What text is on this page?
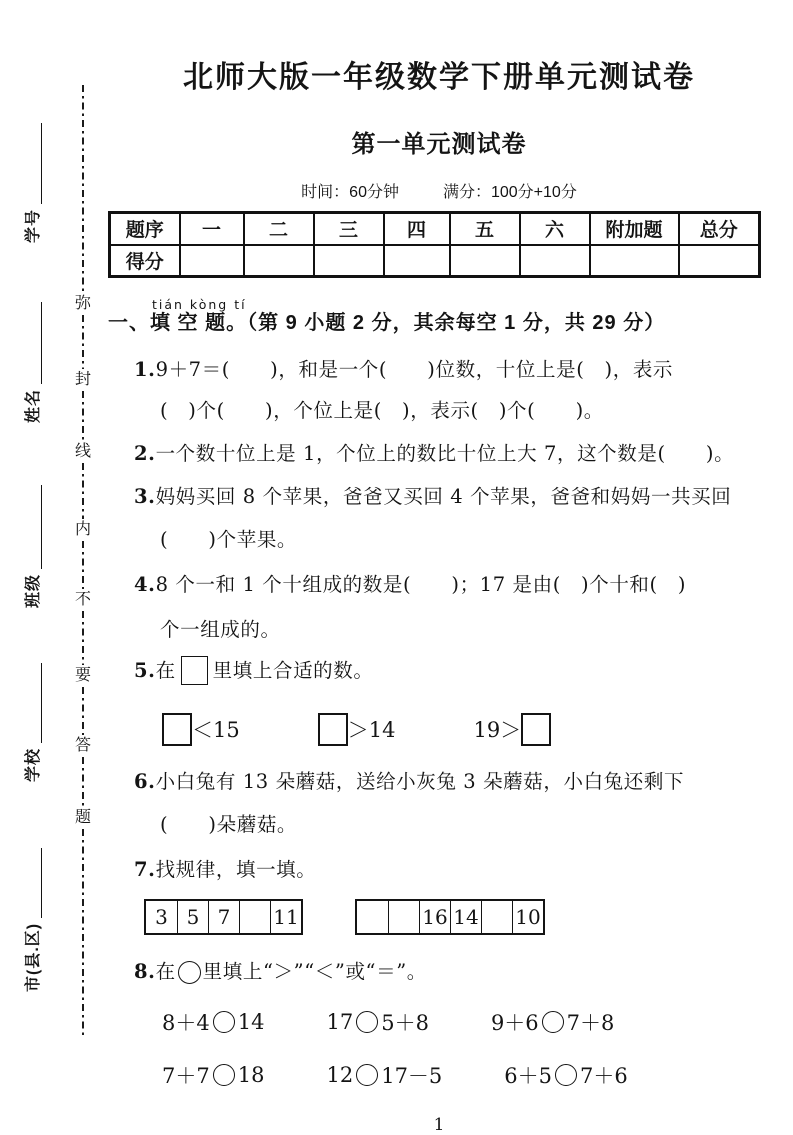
学号
姓名
班级
学校
市(县.区)
弥
封
线
内
不
要
答
题
北师大版一年级数学下册单元测试卷
第一单元测试卷
时间：60分钟	满分：100分+10分
题序	一	二	三	四	五	六	附加题	总分
得分								
一、
tián kòng tí
填 空 题。（第 9 小题 2 分，其余每空 1 分，共 29 分）

1.9＋7＝(　　)，和是一个(　　)位数，十位上是(　)，表示

(　)个(　　)，个位上是(　)，表示(　)个(　　)。

2.一个数十位上是 1，个位上的数比十位上大 7，这个数是(　　)。

3.妈妈买回 8 个苹果，爸爸又买回 4 个苹果，爸爸和妈妈一共买回

(　　)个苹果。

4.8 个一和 1 个十组成的数是(　　)；17 是由(　)个十和(　)

个一组成的。

5.在 里填上合适的数。

＜15	＞14	19＞

6.小白兔有 13 朵蘑菇，送给小灰兔 3 朵蘑菇，小白兔还剩下

(　　)朵蘑菇。

7.找规律，填一填。

3 5 7	11	16 14 10

8.在 里填上“＞”“＜”或“＝”。

8＋4 14	17 5＋8	9＋6 7＋8
7＋7 18	12 17－5	6＋5 7＋6
1
